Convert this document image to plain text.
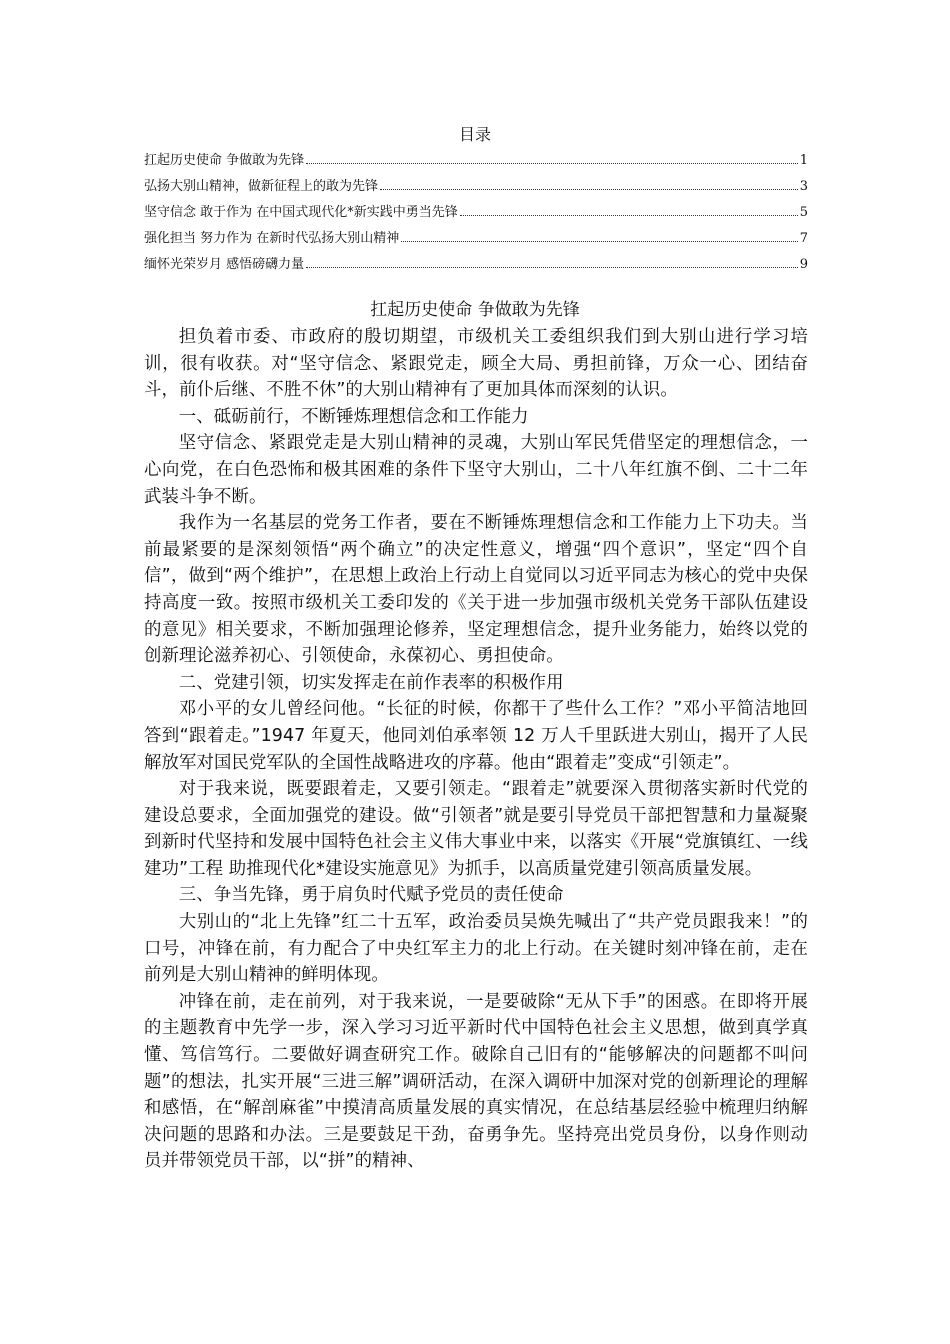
目录
扛起历史使命 争做敢为先锋	1
弘扬大别山精神，做新征程上的敢为先锋	3
坚守信念 敢于作为 在中国式现代化*新实践中勇当先锋	5
强化担当 努力作为 在新时代弘扬大别山精神	7
缅怀光荣岁月 感悟磅礴力量	9
扛起历史使命 争做敢为先锋

担负着市委、市政府的殷切期望，市级机关工委组织我们到大别山进行学习培训，很有收获。对“坚守信念、紧跟党走，顾全大局、勇担前锋，万众一心、团结奋斗，前仆后继、不胜不休”的大别山精神有了更加具体而深刻的认识。

一、砥砺前行，不断锤炼理想信念和工作能力

坚守信念、紧跟党走是大别山精神的灵魂，大别山军民凭借坚定的理想信念，一心向党，在白色恐怖和极其困难的条件下坚守大别山，二十八年红旗不倒、二十二年武装斗争不断。

我作为一名基层的党务工作者，要在不断锤炼理想信念和工作能力上下功夫。当前最紧要的是深刻领悟“两个确立”的决定性意义，增强“四个意识”，坚定“四个自信”，做到“两个维护”，在思想上政治上行动上自觉同以习近平同志为核心的党中央保持高度一致。按照市级机关工委印发的《关于进一步加强市级机关党务干部队伍建设的意见》相关要求，不断加强理论修养，坚定理想信念，提升业务能力，始终以党的创新理论滋养初心、引领使命，永葆初心、勇担使命。

二、党建引领，切实发挥走在前作表率的积极作用

邓小平的女儿曾经问他。“长征的时候，你都干了些什么工作？”邓小平简洁地回答到“跟着走。”1947 年夏天，他同刘伯承率领 12 万人千里跃进大别山，揭开了人民解放军对国民党军队的全国性战略进攻的序幕。他由“跟着走”变成“引领走”。

对于我来说，既要跟着走，又要引领走。“跟着走”就要深入贯彻落实新时代党的建设总要求，全面加强党的建设。做“引领者”就是要引导党员干部把智慧和力量凝聚到新时代坚持和发展中国特色社会主义伟大事业中来，以落实《开展“党旗镇红、一线建功”工程 助推现代化*建设实施意见》为抓手，以高质量党建引领高质量发展。

三、争当先锋，勇于肩负时代赋予党员的责任使命

大别山的“北上先锋”红二十五军，政治委员吴焕先喊出了“共产党员跟我来！”的口号，冲锋在前，有力配合了中央红军主力的北上行动。在关键时刻冲锋在前，走在前列是大别山精神的鲜明体现。

冲锋在前，走在前列，对于我来说，一是要破除“无从下手”的困惑。在即将开展的主题教育中先学一步，深入学习习近平新时代中国特色社会主义思想，做到真学真懂、笃信笃行。二要做好调查研究工作。破除自己旧有的“能够解决的问题都不叫问题”的想法，扎实开展“三进三解”调研活动，在深入调研中加深对党的创新理论的理解和感悟，在“解剖麻雀”中摸清高质量发展的真实情况，在总结基层经验中梳理归纳解决问题的思路和办法。三是要鼓足干劲，奋勇争先。坚持亮出党员身份，以身作则动员并带领党员干部，以“拼”的精神、
